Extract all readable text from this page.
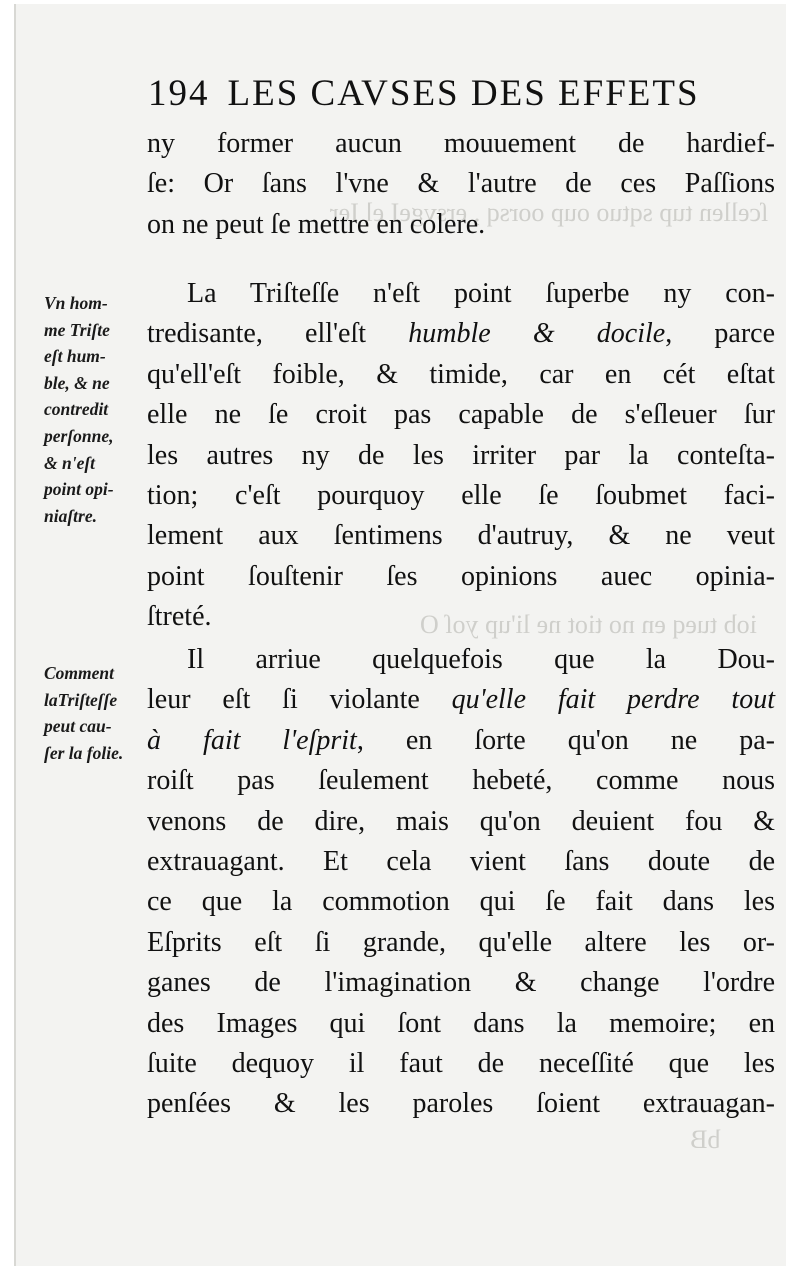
ſcellen tup sqtuo oup oorsq , ersvgeI el Ier
iob tueq en no tiot ne li'up yoſ O
bB
194 LES CAVSES DES EFFETS
ny former aucun mouuement de hardief-
ſe: Or ſans l'vne & l'autre de ces Paſſions
on ne peut ſe mettre en colere.
La Triſteſſe n'eſt point ſuperbe ny con-
tredisante, ell'eſt humble & docile, parce
qu'ell'eſt foible, & timide, car en cét eſtat
elle ne ſe croit pas capable de s'eſleuer ſur
les autres ny de les irriter par la conteſta-
tion; c'eſt pourquoy elle ſe ſoubmet faci-
lement aux ſentimens d'autruy, & ne veut
point ſouſtenir ſes opinions auec opinia-
ſtreté.
Il arriue quelquefois que la Dou-
leur eſt ſi violante qu'elle fait perdre tout
à fait l'eſprit, en ſorte qu'on ne pa-
roiſt pas ſeulement hebeté, comme nous
venons de dire, mais qu'on deuient fou &
extrauagant. Et cela vient ſans doute de
ce que la commotion qui ſe fait dans les
Eſprits eſt ſi grande, qu'elle altere les or-
ganes de l'imagination & change l'ordre
des Images qui ſont dans la memoire; en
ſuite dequoy il faut de neceſſité que les
penſées & les paroles ſoient extrauagan-
Vn hom-
me Triſte
eſt hum-
ble, & ne
contredit
perſonne,
& n'eſt
point opi-
niaſtre.
Comment
laTriſteſſe
peut cau-
ſer la folie.
